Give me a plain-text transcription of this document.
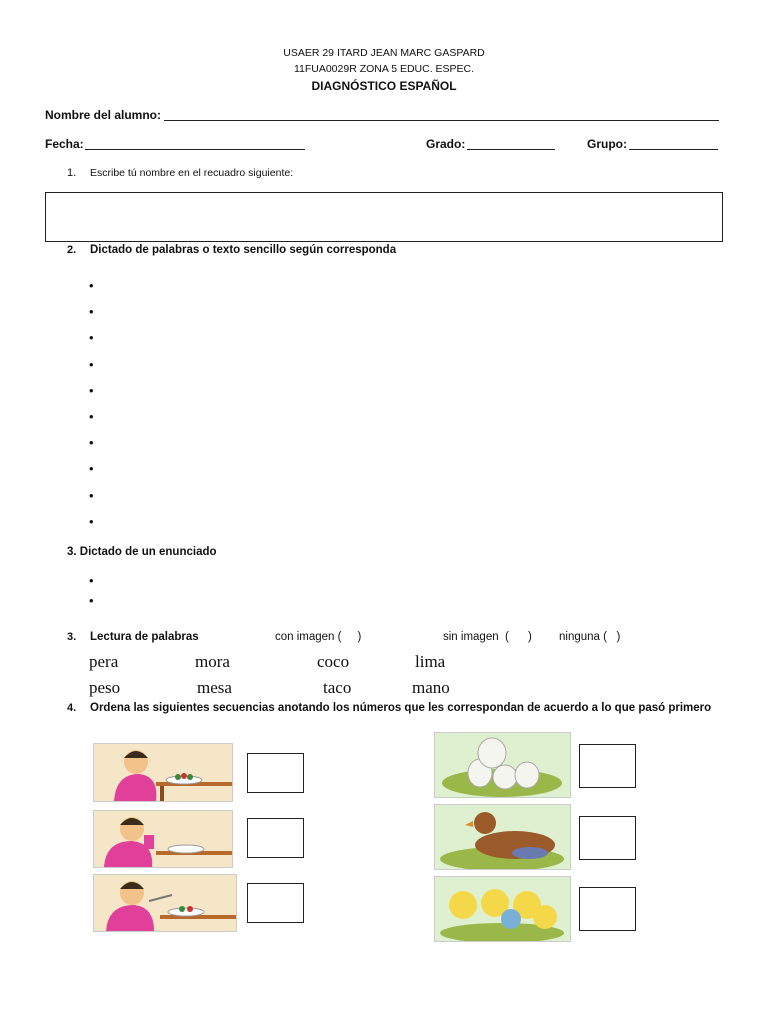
USAER 29 ITARD JEAN MARC GASPARD
11FUA0029R ZONA 5 EDUC. ESPEC.
DIAGNÓSTICO ESPAÑOL
Nombre del alumno:
Fecha:	Grado:	Grupo:
1. Escribe tú nombre en el recuadro siguiente:
2. Dictado de palabras o texto sencillo según corresponda
•
•
•
•
•
•
•
•
•
•
3. Dictado de un enunciado
•
•
3. Lectura de palabras	con imagen (     )	sin imagen  (      ) ninguna (   )
pera	mora	coco	lima
peso	mesa	taco	mano
4. Ordena las siguientes secuencias anotando los números que les correspondan de acuerdo a lo que pasó primero
